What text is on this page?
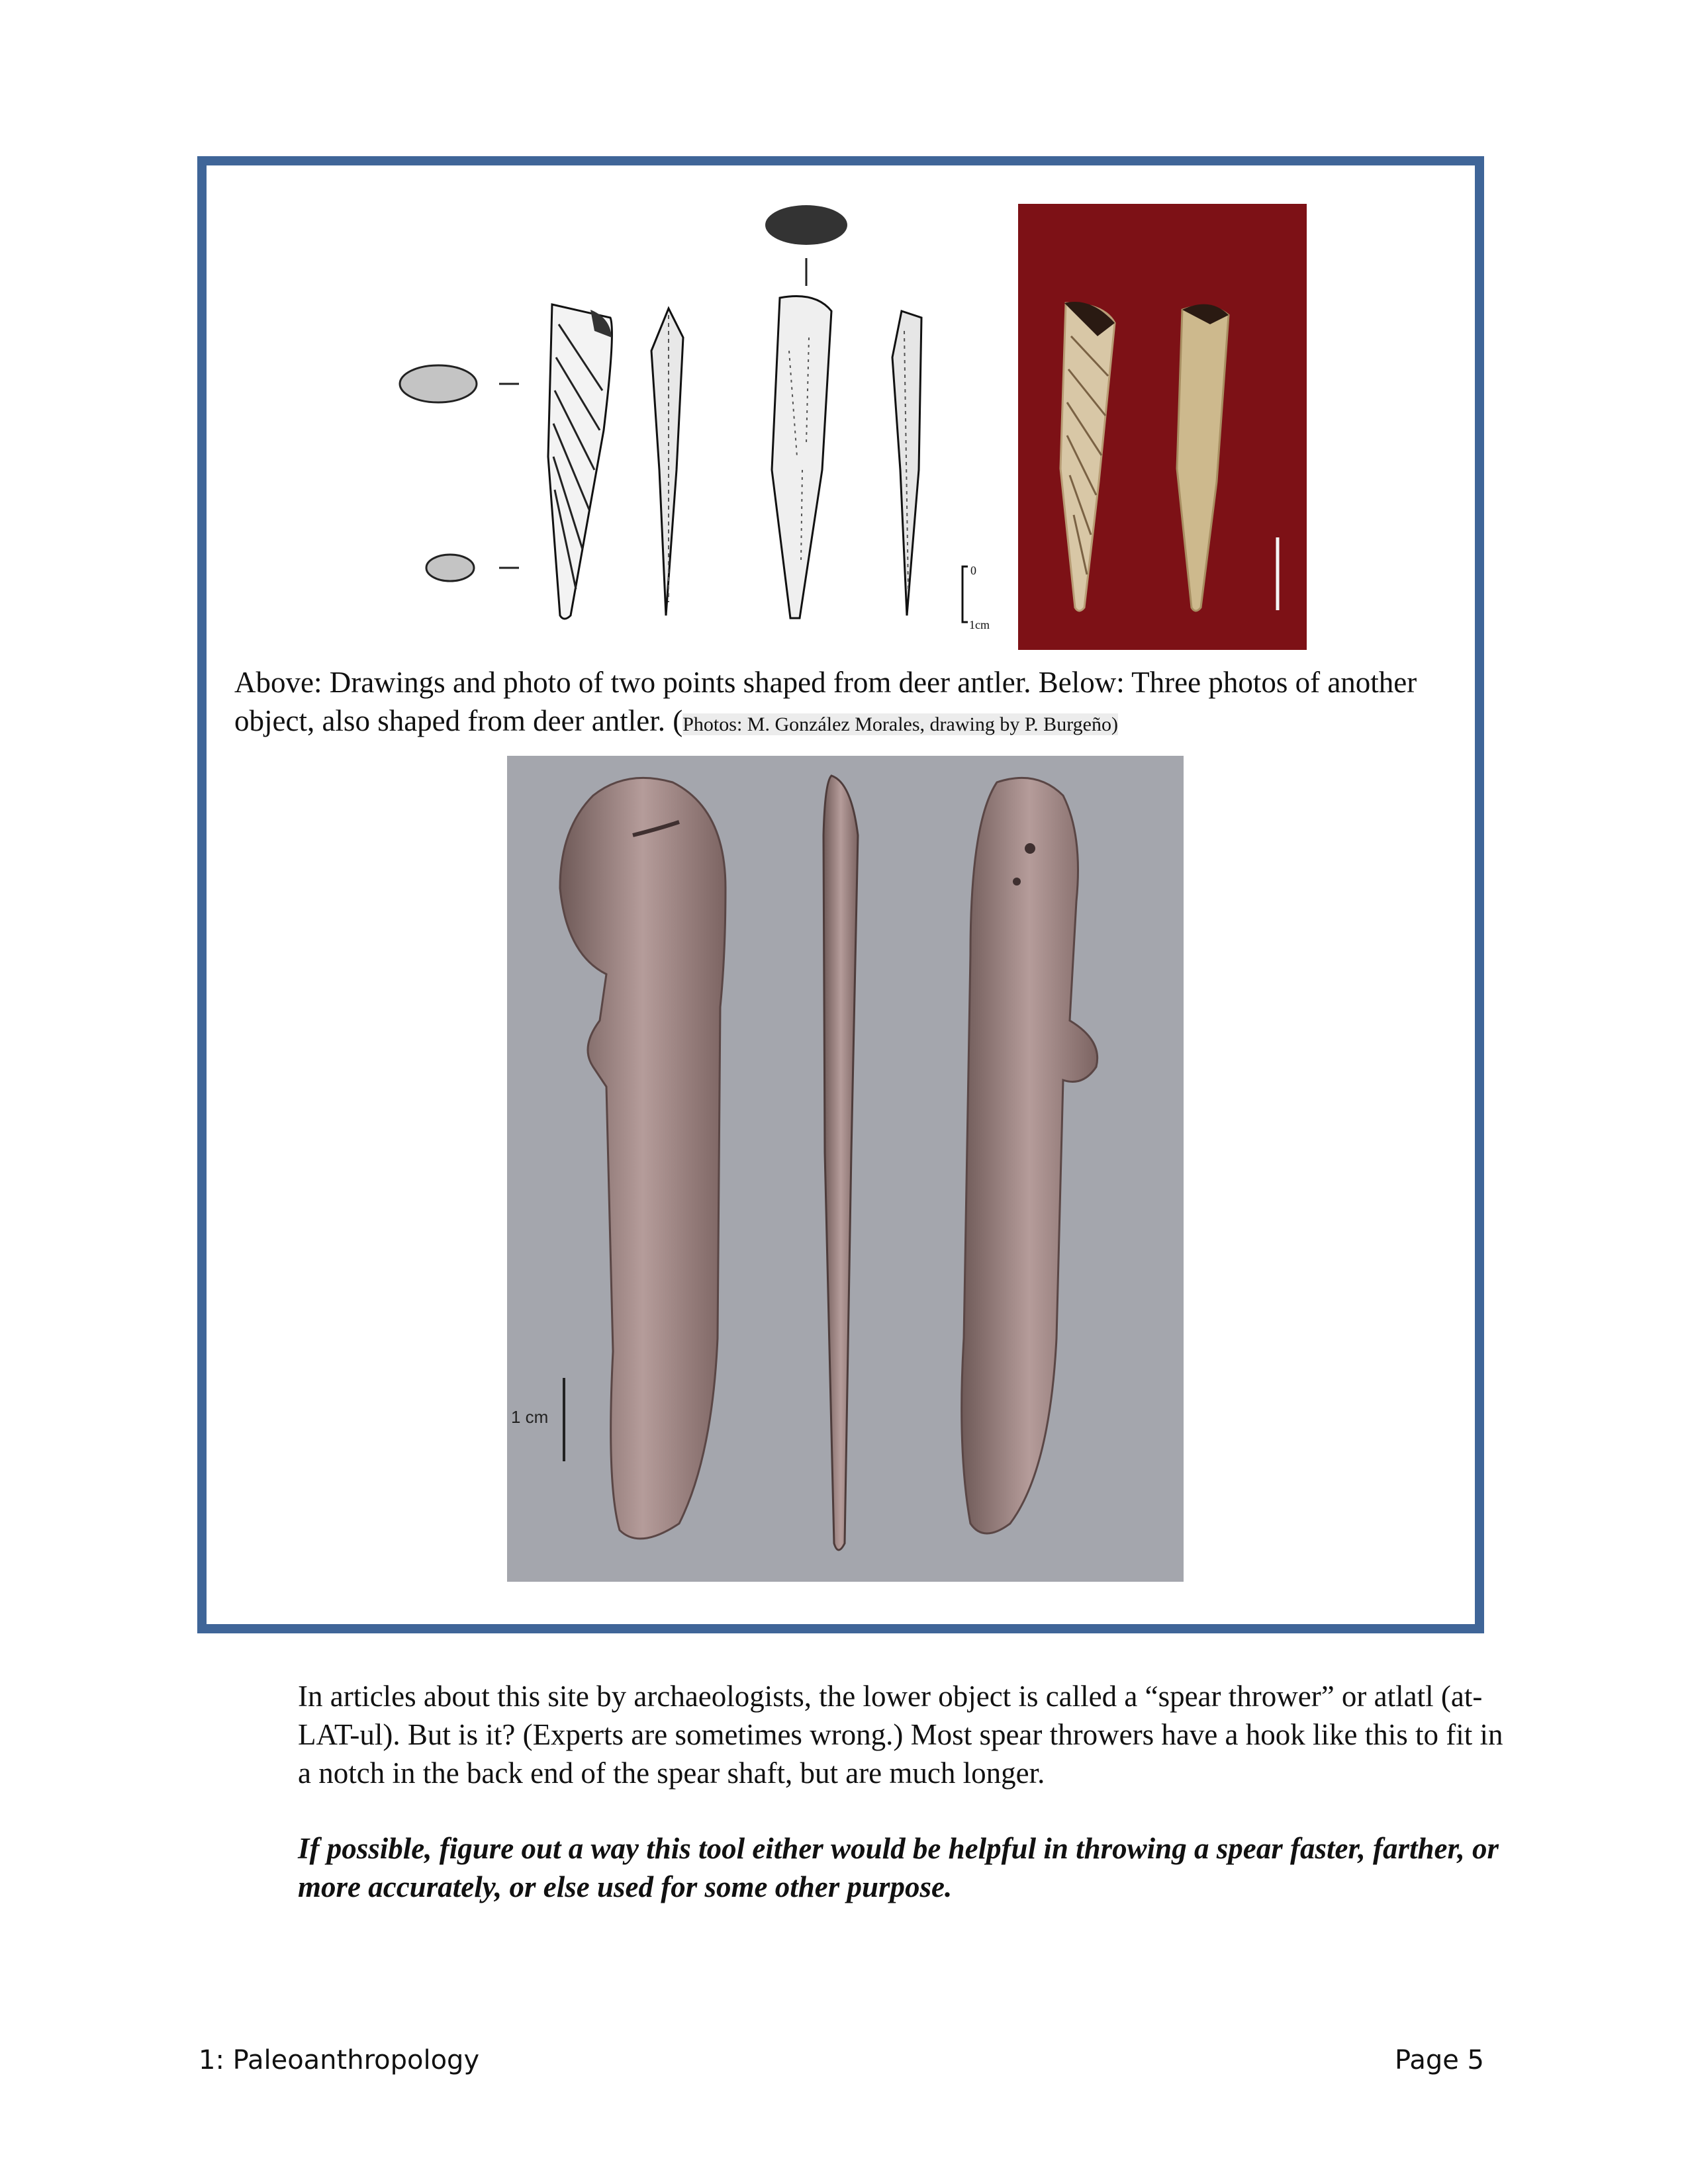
0
1cm
Above: Drawings and photo of two points shaped from deer antler. Below: Three photos of another object, also shaped from deer antler. (Photos: M. González Morales, drawing by P. Burgeño)
1 cm

In articles about this site by archaeologists, the lower object is called a “spear thrower” or atlatl (at-LAT-ul). But is it? (Experts are sometimes wrong.) Most spear throwers have a hook like this to fit in a notch in the back end of the spear shaft, but are much longer.

If possible, figure out a way this tool either would be helpful in throwing a spear faster, farther, or more accurately, or else used for some other purpose.

1: Paleoanthropology	Page 5
